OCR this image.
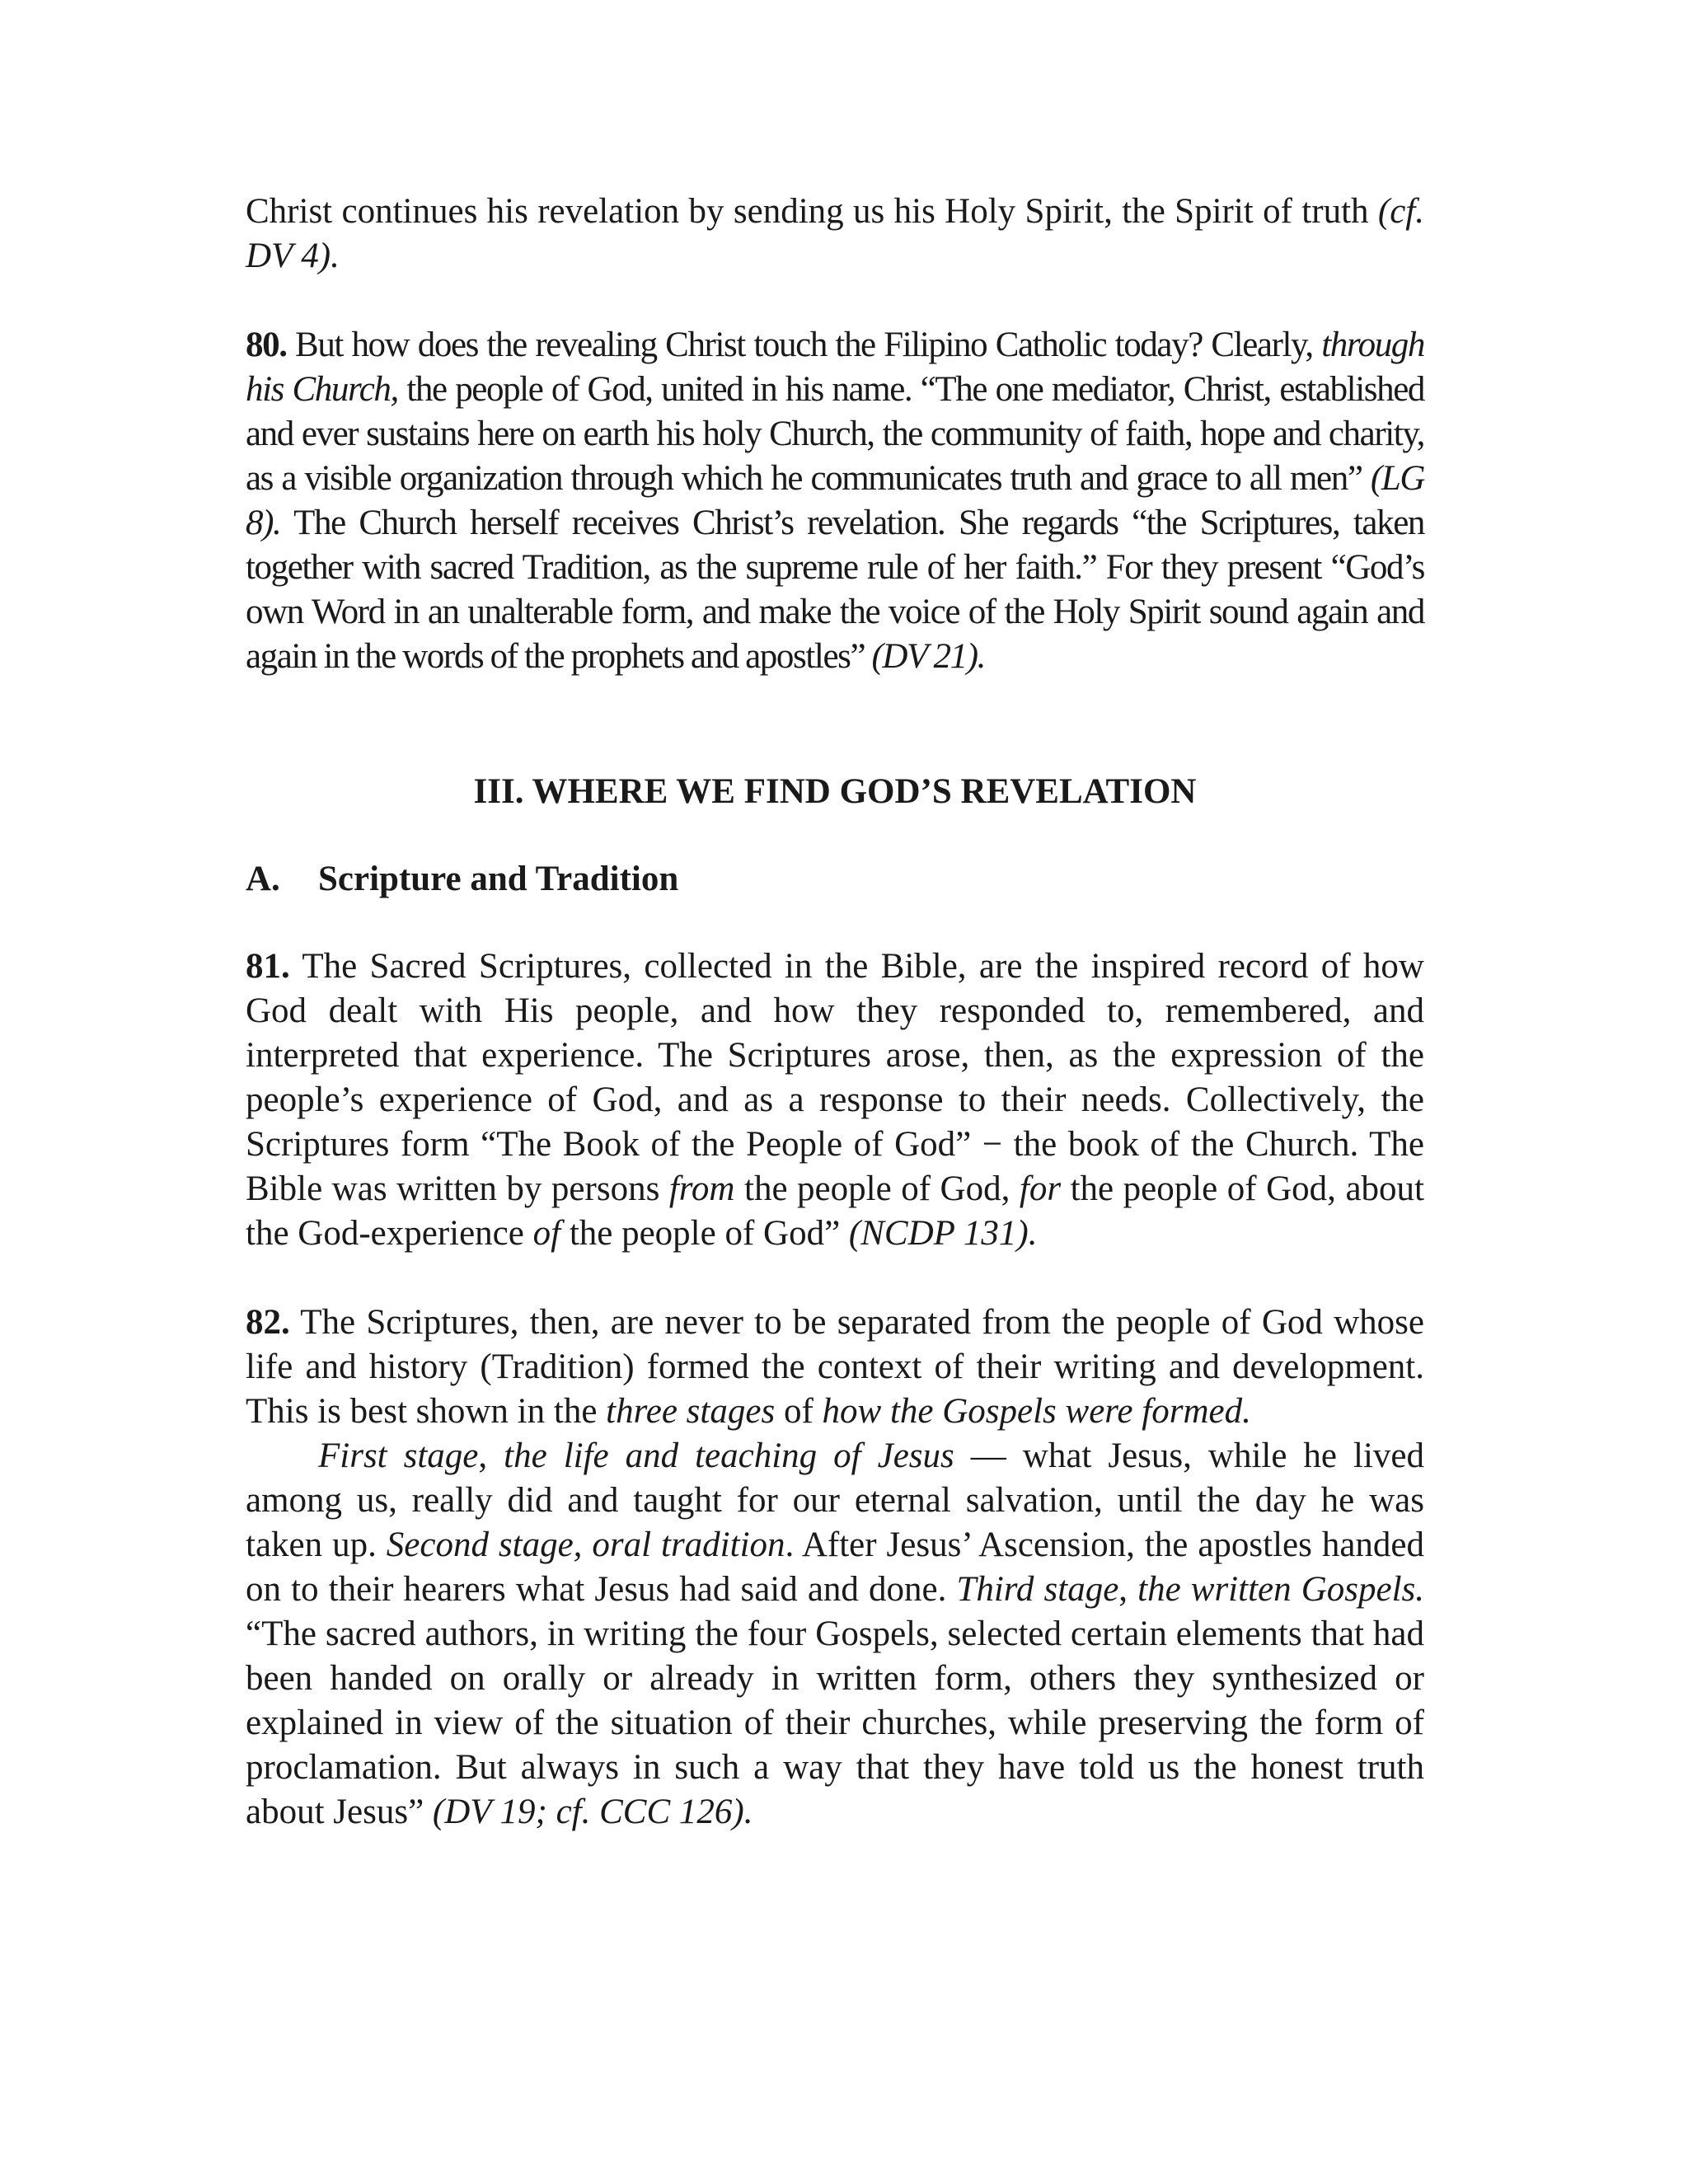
Christ continues his revelation by sending us his Holy Spirit, the Spirit of truth (cf. DV 4).

80. But how does the revealing Christ touch the Filipino Catholic today? Clearly, through his Church, the people of God, united in his name. “The one mediator, Christ, established and ever sustains here on earth his holy Church, the community of faith, hope and charity, as a visible organization through which he communicates truth and grace to all men” (LG 8). The Church herself receives Christ’s revelation. She regards “the Scriptures, taken together with sacred Tradition, as the supreme rule of her faith.” For they present “God’s own Word in an unalterable form, and make the voice of the Holy Spirit sound again and again in the words of the prophets and apostles” (DV 21).

III. WHERE WE FIND GOD’S REVELATION

A. Scripture and Tradition

81. The Sacred Scriptures, collected in the Bible, are the inspired record of how God dealt with His people, and how they responded to, remembered, and interpreted that experience. The Scriptures arose, then, as the expression of the people’s experience of God, and as a response to their needs. Collectively, the Scriptures form “The Book of the People of God” − the book of the Church. The Bible was written by persons from the people of God, for the people of God, about the God-experience of the people of God” (NCDP 131).

82. The Scriptures, then, are never to be separated from the people of God whose life and history (Tradition) formed the context of their writing and development. This is best shown in the three stages of how the Gospels were formed.

First stage, the life and teaching of Jesus — what Jesus, while he lived among us, really did and taught for our eternal salvation, until the day he was taken up. Second stage, oral tradition. After Jesus’ Ascension, the apostles handed on to their hearers what Jesus had said and done. Third stage, the written Gospels. “The sacred authors, in writing the four Gospels, selected certain elements that had been handed on orally or already in written form, others they synthesized or explained in view of the situation of their churches, while preserving the form of proclamation. But always in such a way that they have told us the honest truth about Jesus” (DV 19; cf. CCC 126).
